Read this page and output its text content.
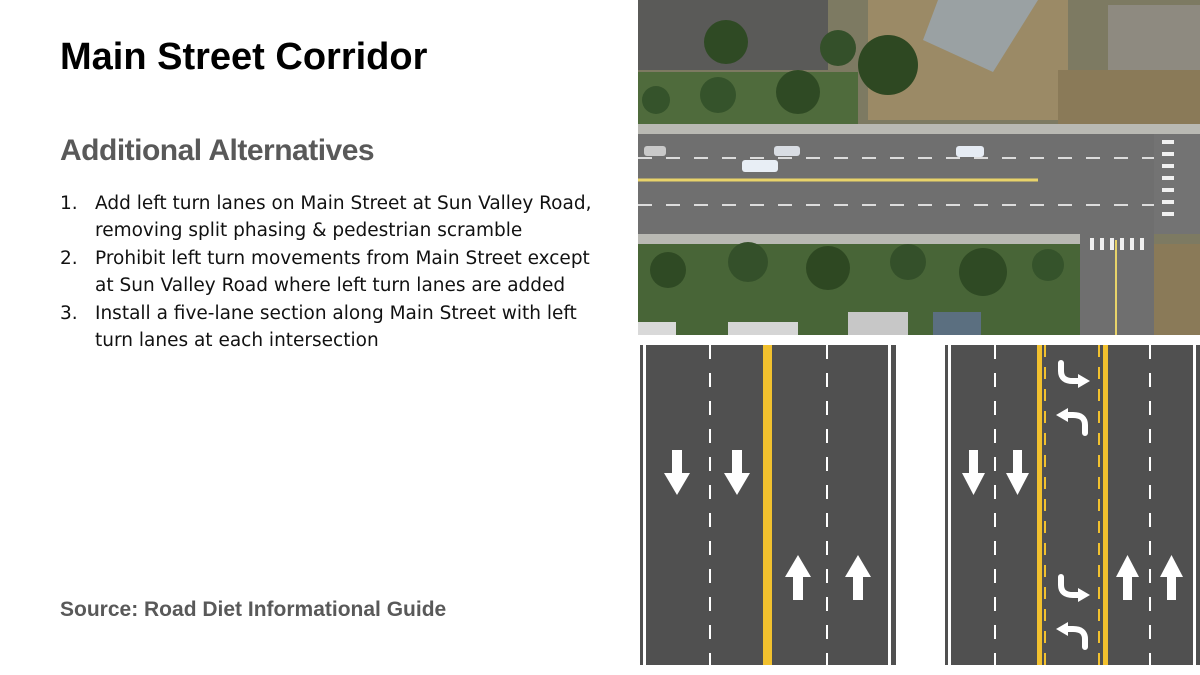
Main Street Corridor
Additional Alternatives
1. Add left turn lanes on Main Street at Sun Valley Road, removing split phasing & pedestrian scramble
2. Prohibit left turn movements from Main Street except at Sun Valley Road where left turn lanes are added
3. Install a five-lane section along Main Street with left turn lanes at each intersection

Source: Road Diet Informational Guide
